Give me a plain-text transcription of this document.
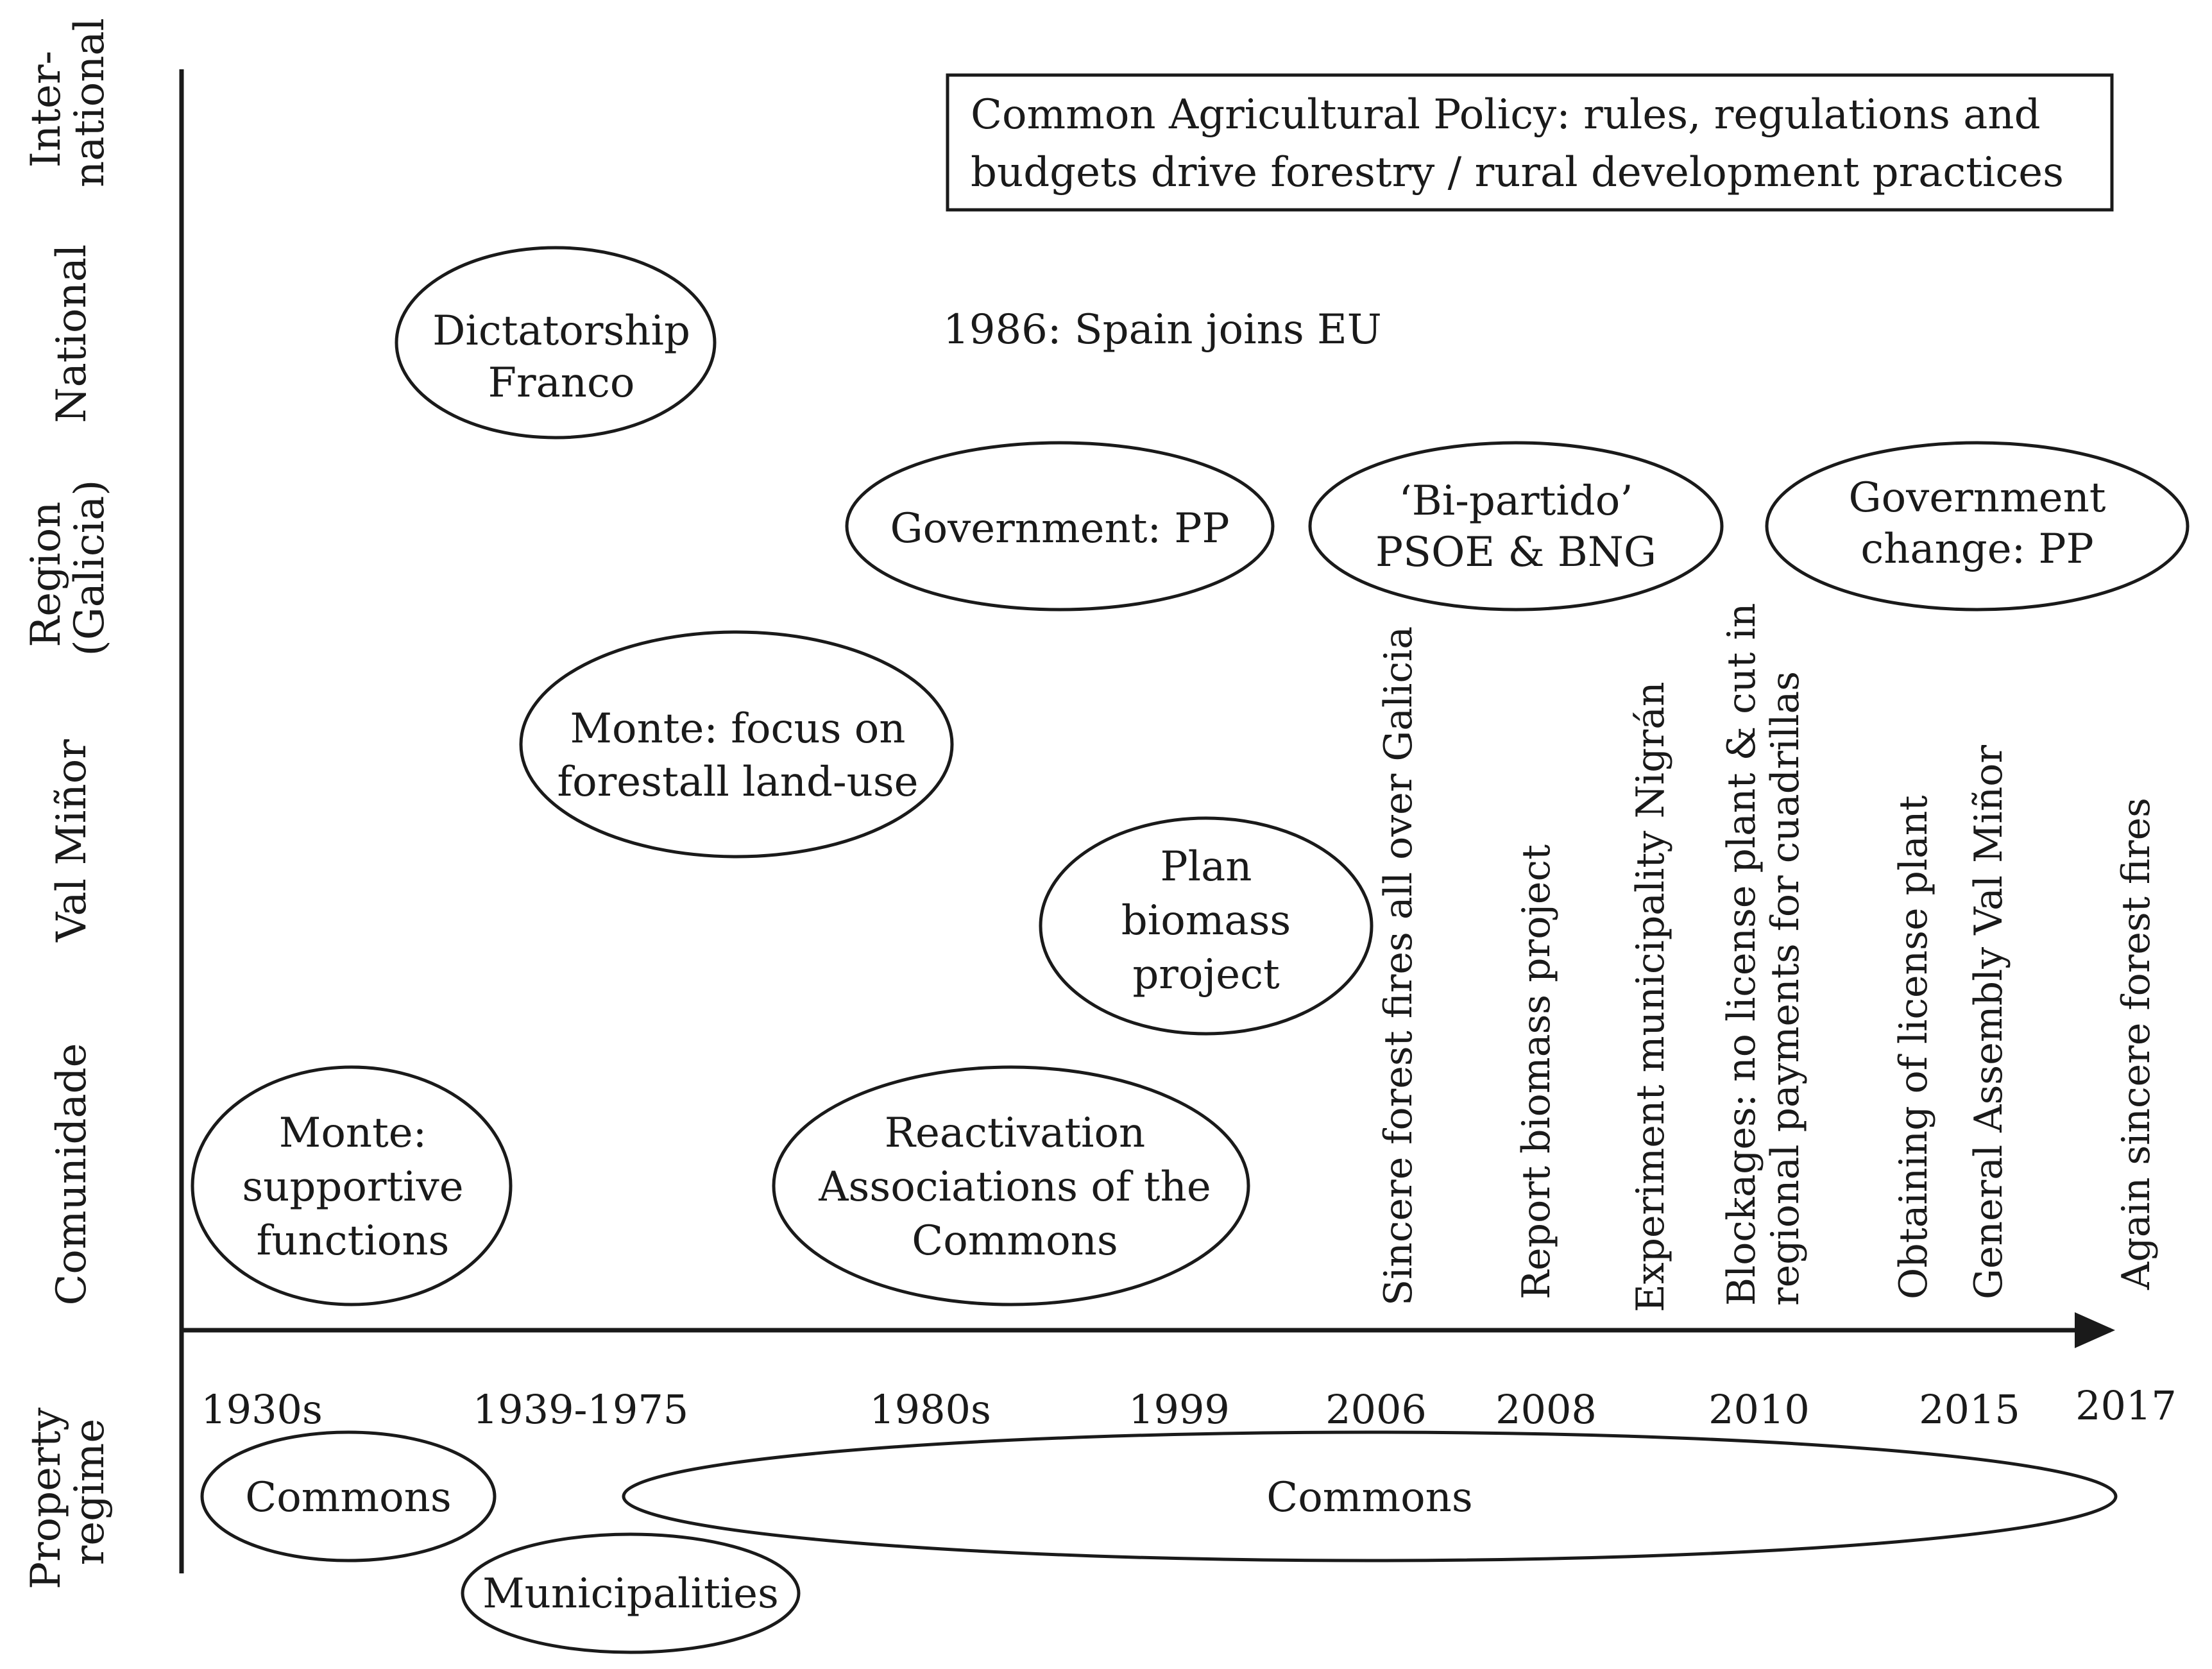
Inter- national
National
Region (Galicia)
Val Miñor
Comunidade
Property regime
1930s	1939-1975	1980s	1999 2006 2008	2010	2015 2017
Common Agricultural Policy: rules, regulations and
budgets drive forestry / rural development practices
1986: Spain joins EU
Dictatorship
Franco
Government: PP
‘Bi-partido’
PSOE & BNG
Government
change: PP
Monte: focus on
forestall land-use
Plan
biomass
project
Monte:
supportive
functions
Reactivation
Associations of the
Commons
Commons	Commons
Municipalities
Sincere forest fires all over Galicia Report biomass project Experiment municipality Nigrán Blockages: no license plant & cut in regional payments for cuadrillas Obtaining of license plant General Assembly Val Miñor	Again sincere forest fires
